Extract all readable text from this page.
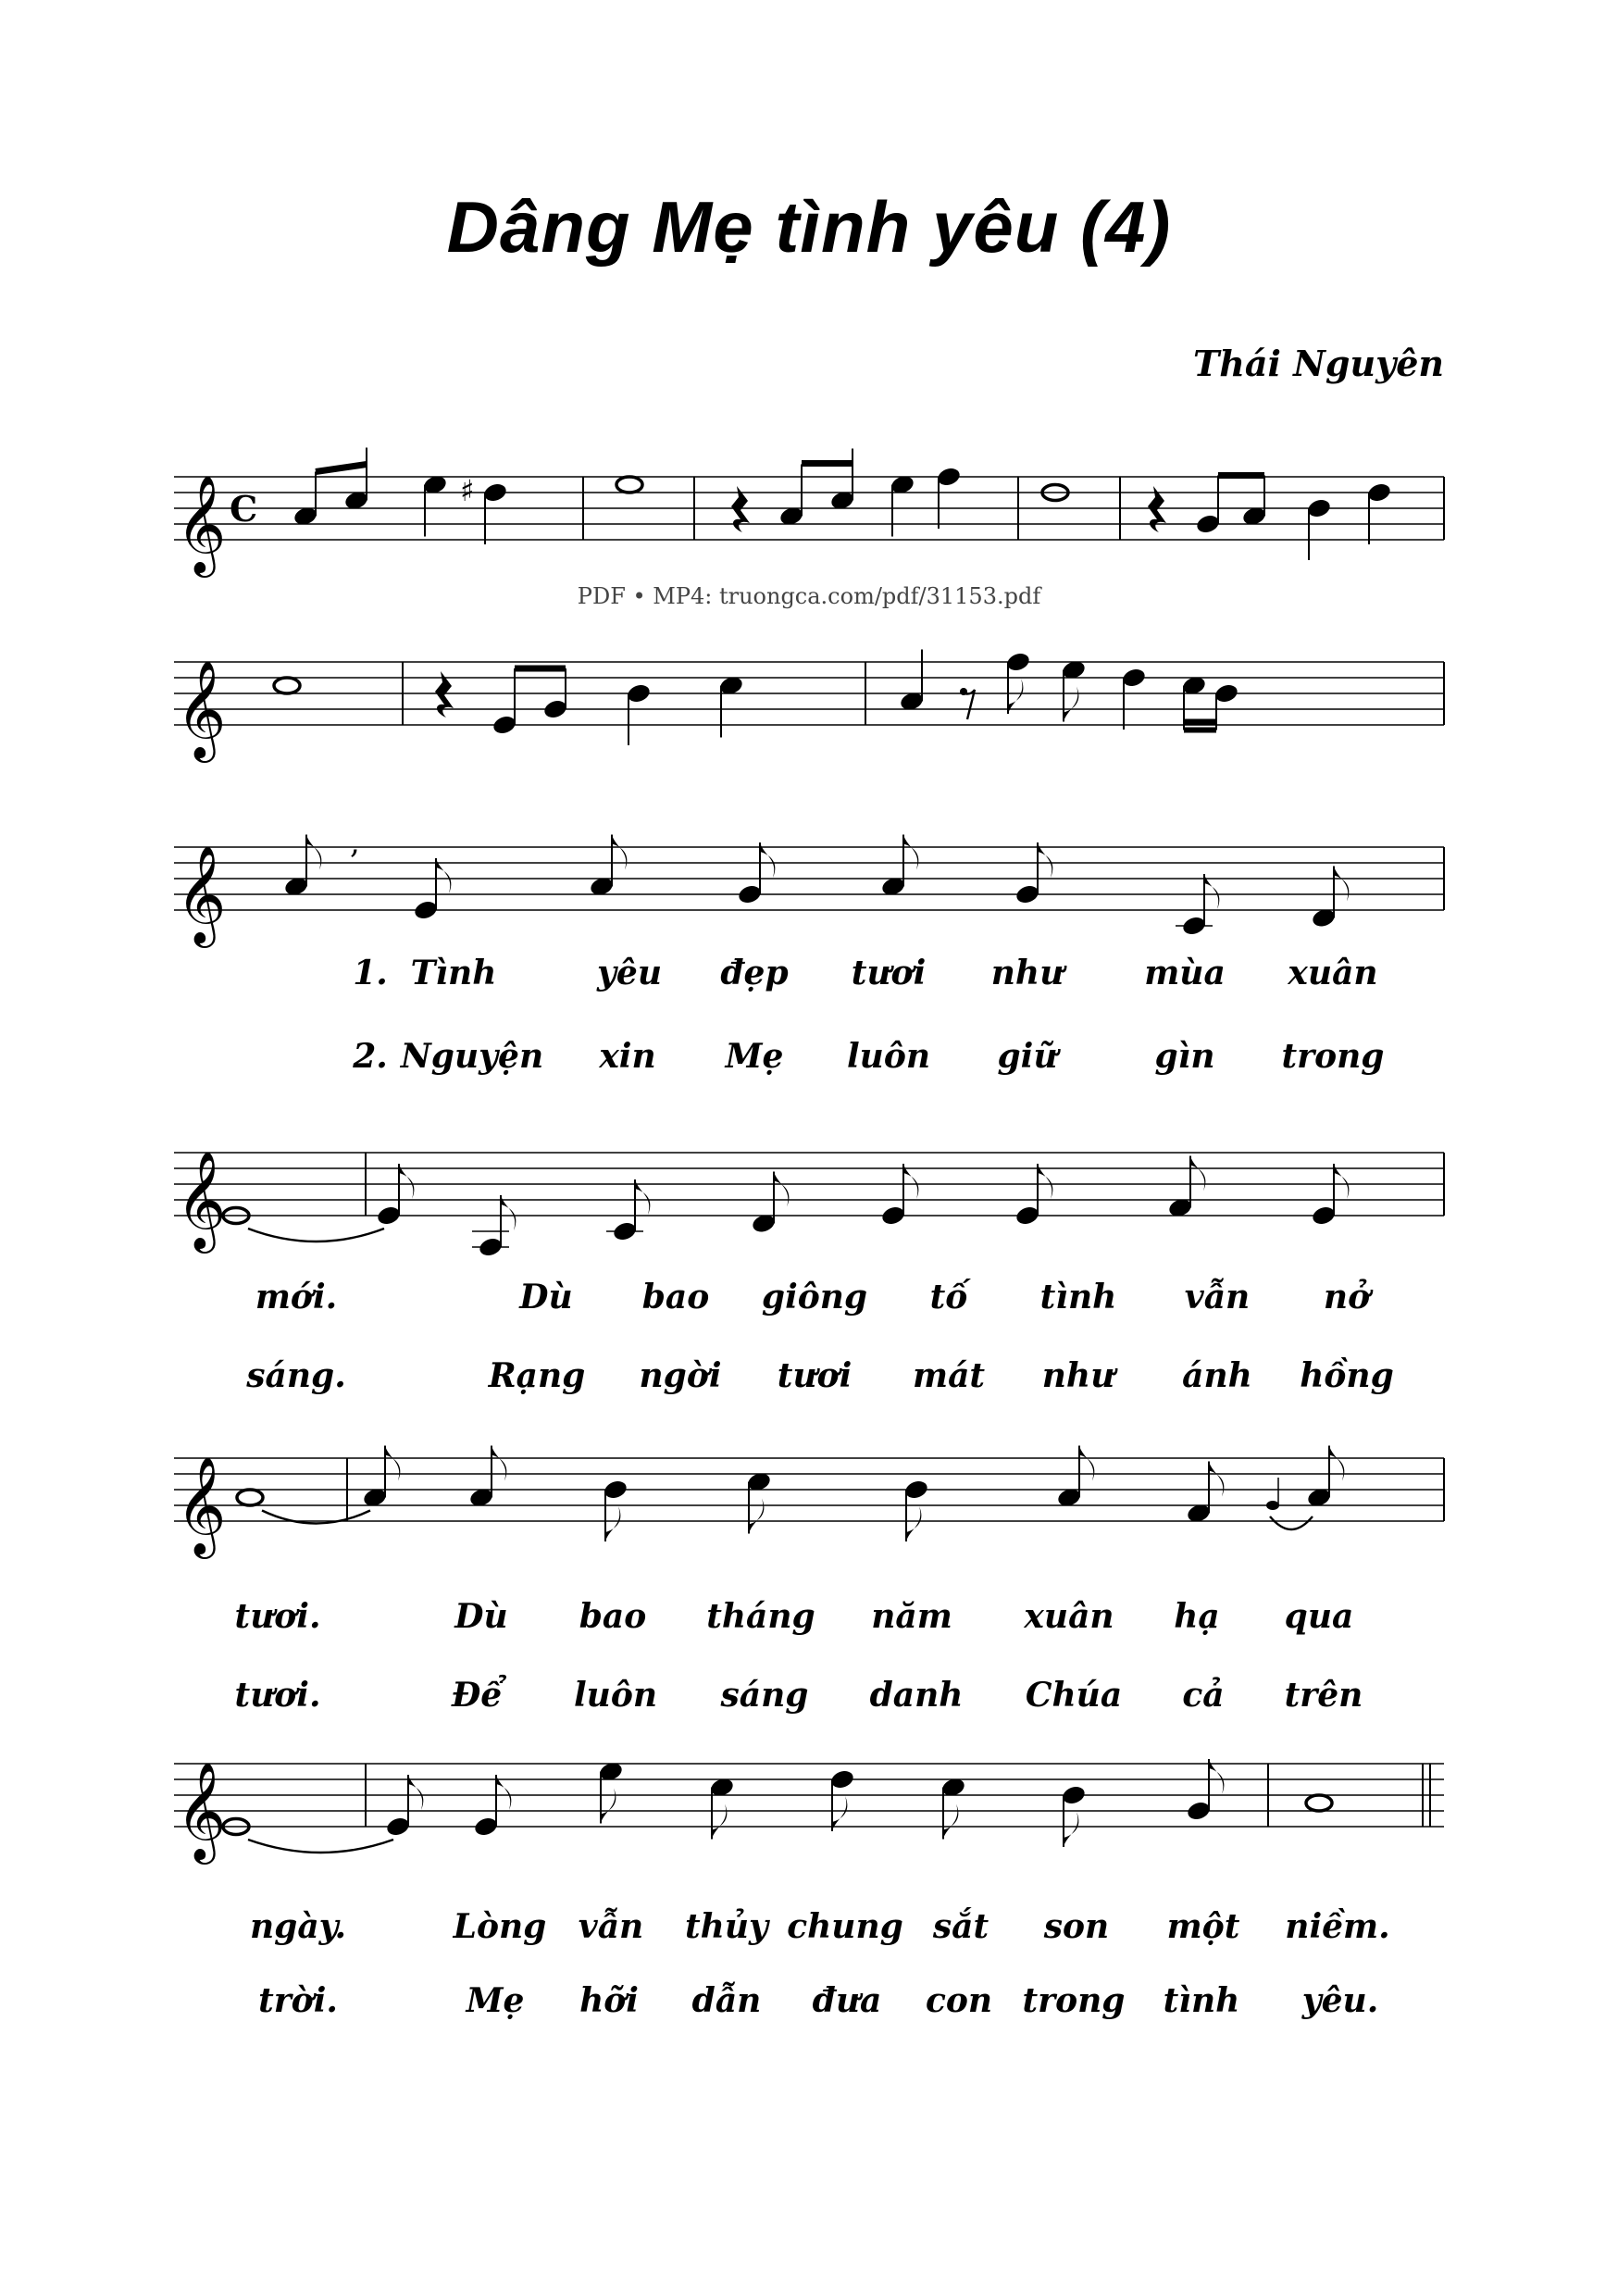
Dâng Mẹ tình yêu (4)
Thái Nguyên
PDF • MP4: truongca.com/pdf/31153.pdf
𝄞 C	♯
𝄞
𝄞
,
𝄞
𝄞
𝄞
1. Tình	yêu đẹp tươi như mùa xuân
2. Nguyện xin Mẹ luôn giữ	gìn trong
mới.	Dù bao giông tố tình vẫn nở
sáng.	Rạng ngời tươi mát như ánh hồng
tươi.	Dù bao tháng năm xuân hạ qua
tươi.	Để luôn sáng danh Chúa cả trên
ngày.	Lòng vẫn thủy chung sắt son một niềm.
trời.	Mẹ hỡi dẫn đưa con trong tình yêu.
